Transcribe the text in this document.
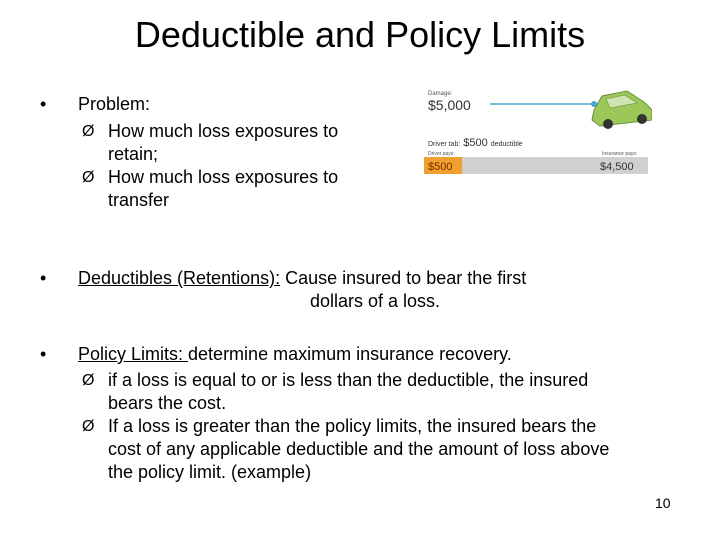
Deductible and Policy Limits
• Problem:
Ø How much loss exposures to
retain;
Ø How much loss exposures to
transfer
• Deductibles (Retentions): Cause insured to bear the first
dollars of a loss.
• Policy Limits: determine maximum insurance recovery.
Ø if a loss is equal to or is less than the deductible, the insured
bears the cost.
Ø If a loss is greater than the policy limits, the insured bears the
cost of any applicable deductible and the amount of loss above
the policy limit. (example)
Damage:
$5,000
Driver tab: $500 deductible
Driver pays:	Insurance pays:
$500	$4,500
10
